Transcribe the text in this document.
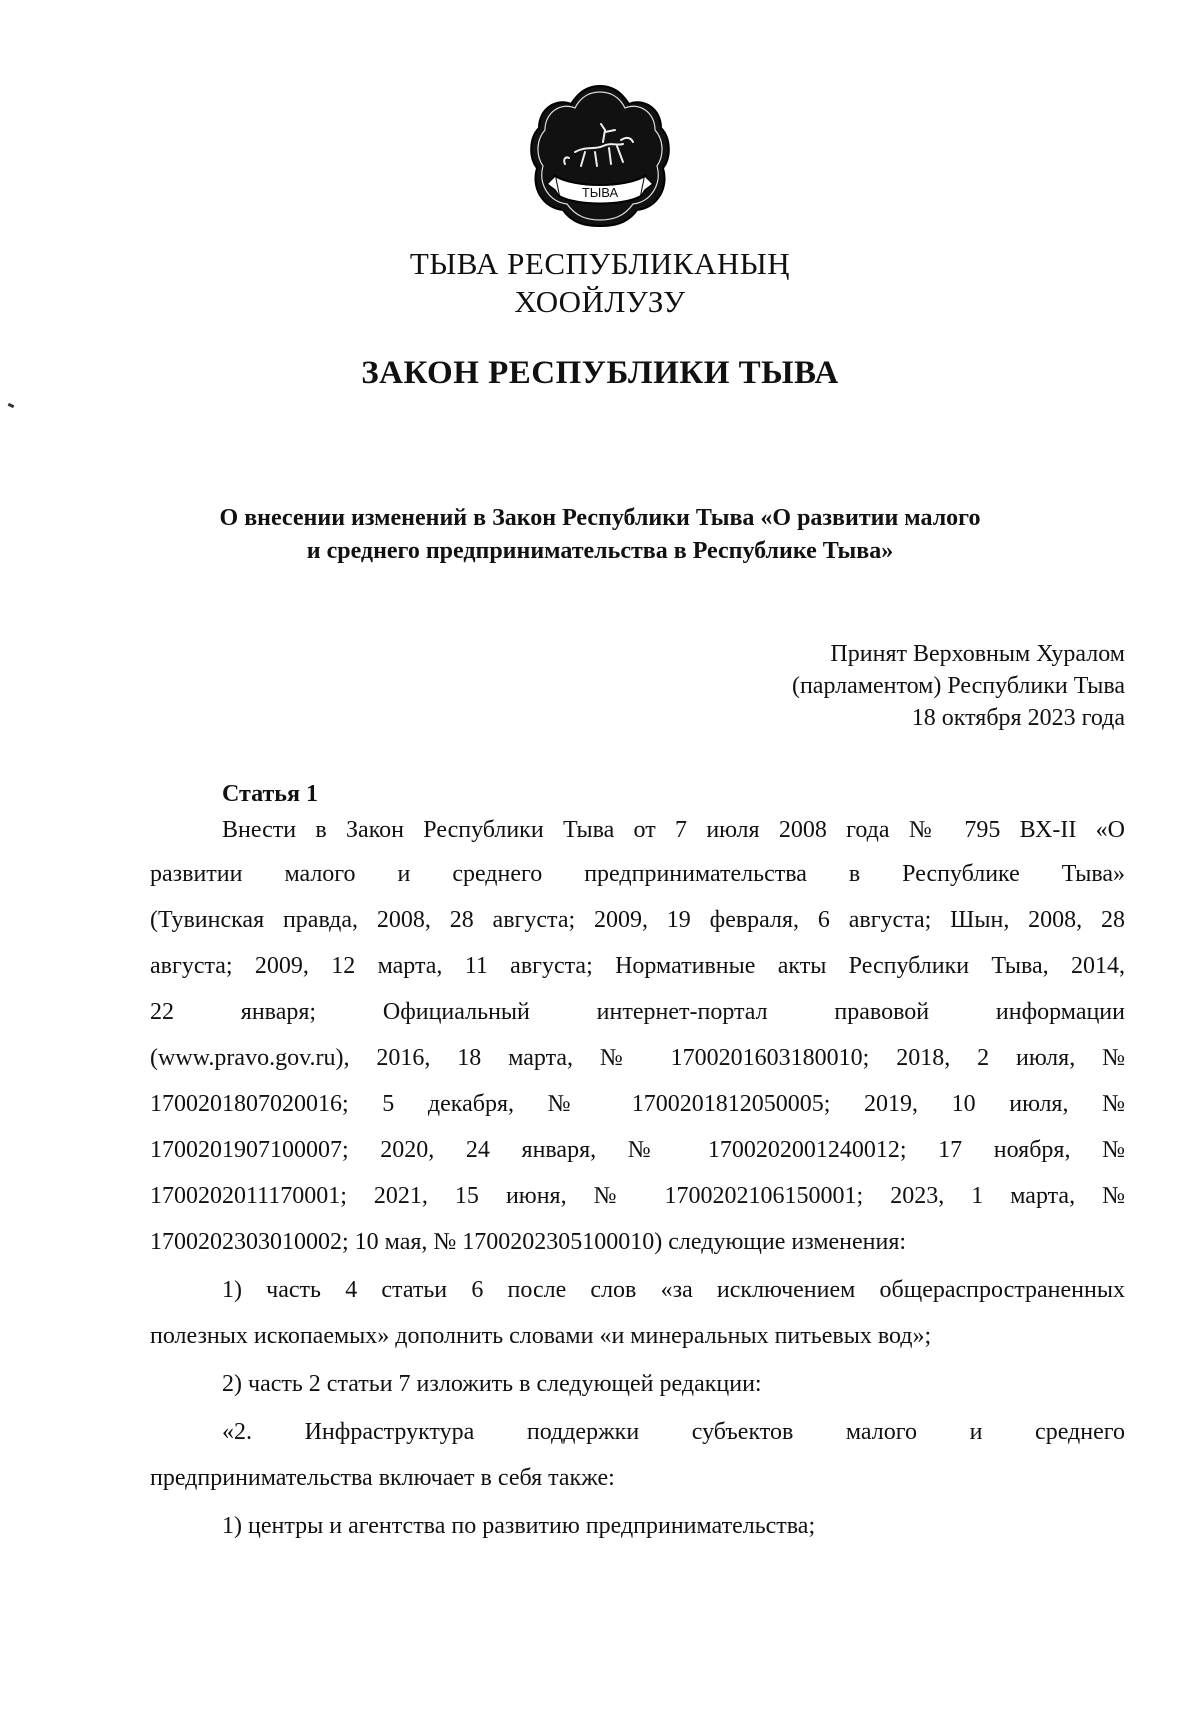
ТЫВА
ТЫВА РЕСПУБЛИКАНЫҢ
ХООЙЛУЗУ
ЗАКОН РЕСПУБЛИКИ ТЫВА
О внесении изменений в Закон Республики Тыва «О развитии малого
и среднего предпринимательства в Республике Тыва»
Принят Верховным Хуралом
(парламентом) Республики Тыва
18 октября 2023 года
Статья 1
Внести в Закон Республики Тыва от 7 июля 2008 года № 795 ВХ-II «О
развитии малого и среднего предпринимательства в Республике Тыва»
(Тувинская правда, 2008, 28 августа; 2009, 19 февраля, 6 августа; Шын, 2008, 28
августа; 2009, 12 марта, 11 августа; Нормативные акты Республики Тыва, 2014,
22 января; Официальный интернет-портал правовой информации
(www.pravo.gov.ru), 2016, 18 марта, № 1700201603180010; 2018, 2 июля, №
1700201807020016; 5 декабря, № 1700201812050005; 2019, 10 июля, №
1700201907100007; 2020, 24 января, № 1700202001240012; 17 ноября, №
1700202011170001; 2021, 15 июня, № 1700202106150001; 2023, 1 марта, №
1700202303010002; 10 мая, № 1700202305100010) следующие изменения:
1) часть 4 статьи 6 после слов «за исключением общераспространенных
полезных ископаемых» дополнить словами «и минеральных питьевых вод»;
2) часть 2 статьи 7 изложить в следующей редакции:
«2. Инфраструктура поддержки субъектов малого и среднего
предпринимательства включает в себя также:
1) центры и агентства по развитию предпринимательства;
